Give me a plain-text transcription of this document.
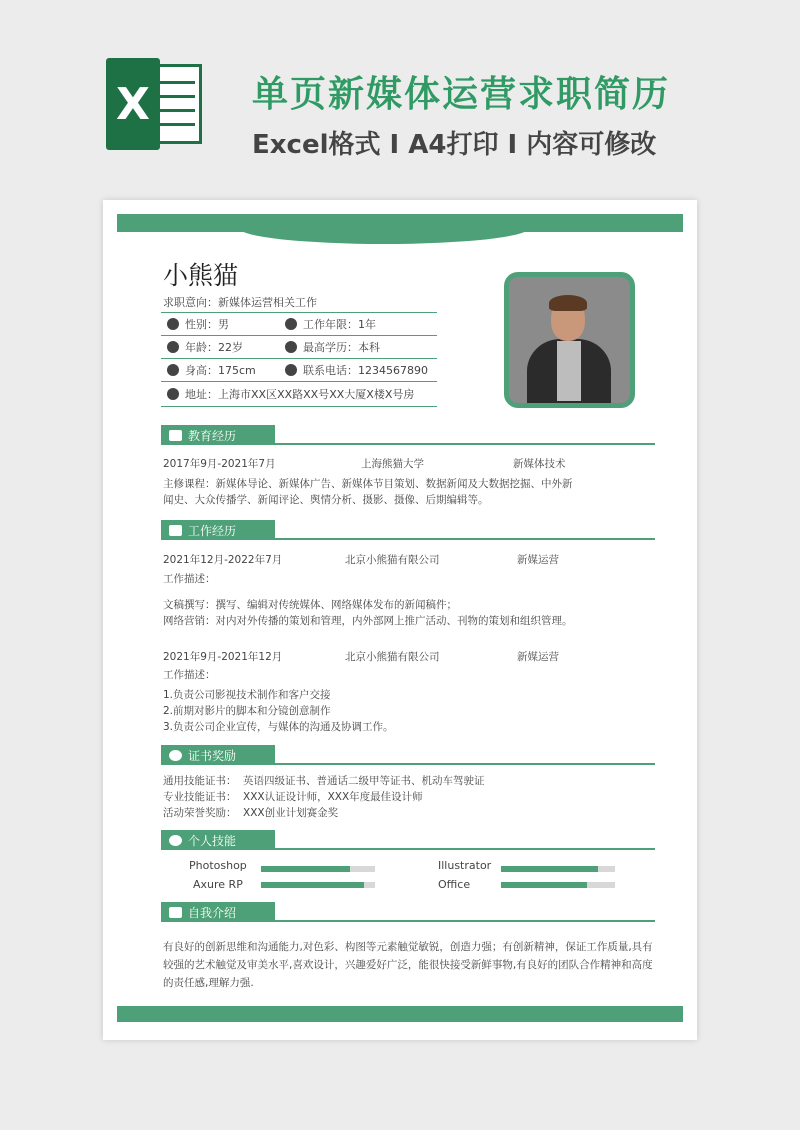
X	单页新媒体运营求职简历
Excel格式 I A4打印 I 内容可修改
小熊猫
求职意向：新媒体运营相关工作
性别：男	工作年限：1年
年龄：22岁	最高学历：本科
身高：175cm	联系电话：1234567890
地址：上海市XX区XX路XX号XX大厦X楼X号房
教育经历
2017年9月-2021年7月	上海熊猫大学	新媒体技术
主修课程：新媒体导论、新媒体广告、新媒体节目策划、数据新闻及大数据挖掘、中外新
闻史、大众传播学、新闻评论、舆情分析、摄影、摄像、后期编辑等。
工作经历
2021年12月-2022年7月	北京小熊猫有限公司	新媒运营
工作描述：
文稿撰写：撰写、编辑对传统媒体、网络媒体发布的新闻稿件；
网络营销：对内对外传播的策划和管理，内外部网上推广活动、刊物的策划和组织管理。
2021年9月-2021年12月	北京小熊猫有限公司	新媒运营
工作描述：
1.负责公司影视技术制作和客户交接
2.前期对影片的脚本和分镜创意制作
3.负责公司企业宣传，与媒体的沟通及协调工作。
证书奖励
通用技能证书： 英语四级证书、普通话二级甲等证书、机动车驾驶证
专业技能证书： XXX认证设计师，XXX年度最佳设计师
活动荣誉奖励： XXX创业计划赛金奖
个人技能
Photoshop	Illustrator
Axure RP	Office
自我介绍
有良好的创新思维和沟通能力,对色彩、构图等元素触觉敏锐，创造力强；有创新精神，保证工作质量,具有较强的艺术触觉及审美水平,喜欢设计，兴趣爱好广泛，能很快接受新鲜事物,有良好的团队合作精神和高度的责任感,理解力强.
